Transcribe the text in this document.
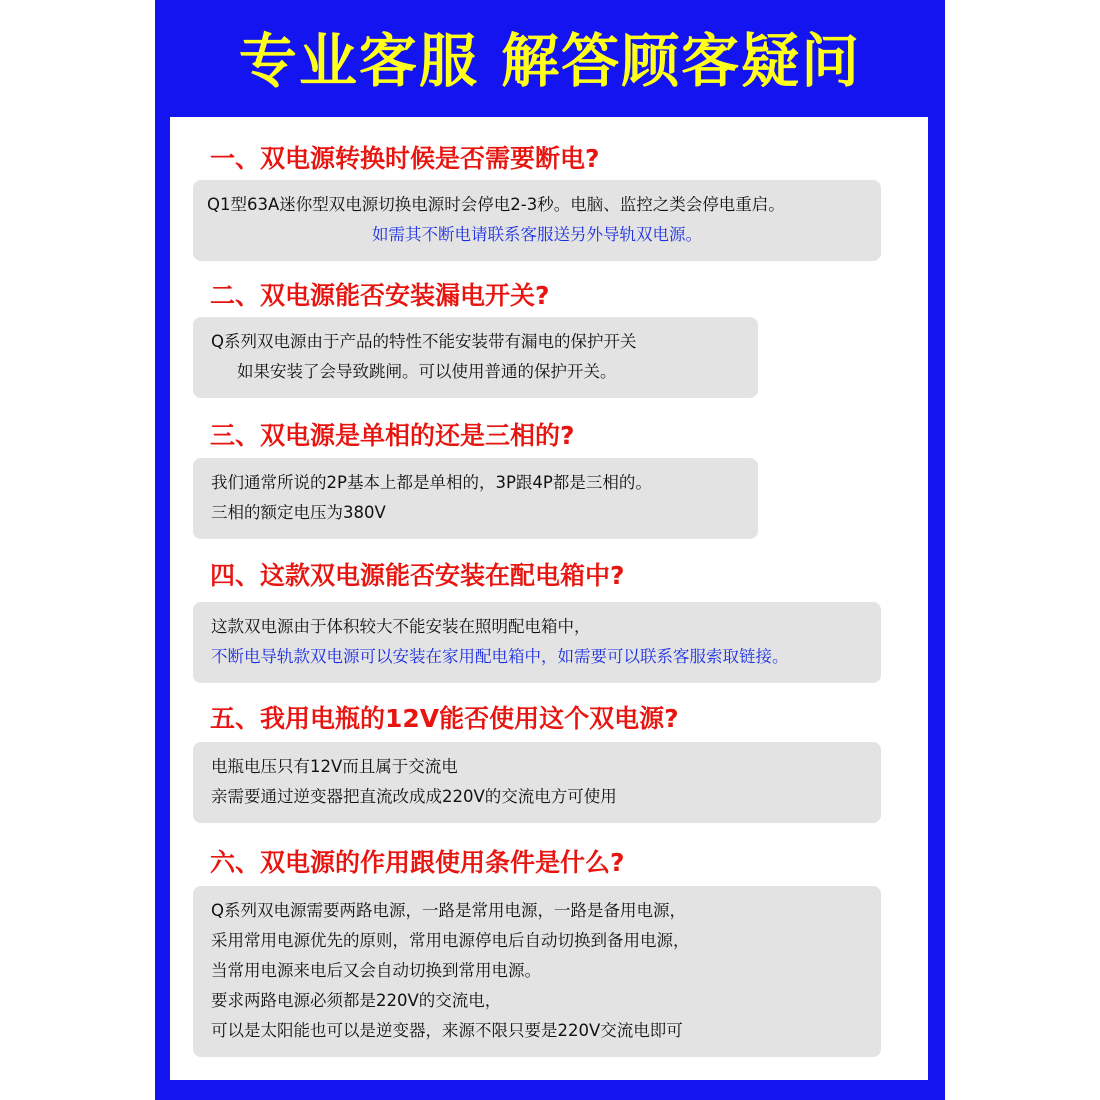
专业客服 解答顾客疑问
一、双电源转换时候是否需要断电?
Q1型63A迷你型双电源切换电源时会停电2-3秒。电脑、监控之类会停电重启。
如需其不断电请联系客服送另外导轨双电源。
二、双电源能否安装漏电开关?
Q系列双电源由于产品的特性不能安装带有漏电的保护开关
如果安装了会导致跳闸。可以使用普通的保护开关。
三、双电源是单相的还是三相的?
我们通常所说的2P基本上都是单相的，3P跟4P都是三相的。
三相的额定电压为380V
四、这款双电源能否安装在配电箱中?
这款双电源由于体积较大不能安装在照明配电箱中，
不断电导轨款双电源可以安装在家用配电箱中，如需要可以联系客服索取链接。
五、我用电瓶的12V能否使用这个双电源?
电瓶电压只有12V而且属于交流电
亲需要通过逆变器把直流改成成220V的交流电方可使用
六、双电源的作用跟使用条件是什么?
Q系列双电源需要两路电源，一路是常用电源，一路是备用电源，
采用常用电源优先的原则，常用电源停电后自动切换到备用电源，
当常用电源来电后又会自动切换到常用电源。
要求两路电源必须都是220V的交流电，
可以是太阳能也可以是逆变器，来源不限只要是220V交流电即可
